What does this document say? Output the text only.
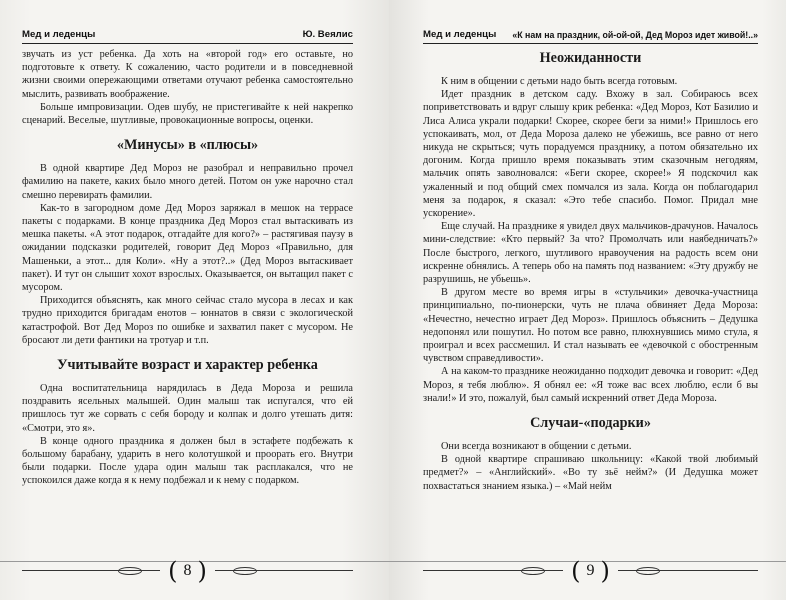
Мед и леденцы	Ю. Веялис

звучать из уст ребенка. Да хоть на «второй год» его оставьте, но подготовьте к ответу. К сожалению, часто родители и в повседневной жизни своими опережающими ответами отучают ребенка самостоятельно мыслить, развивать воображение.

Больше импровизации. Одев шубу, не пристегивайте к ней накрепко сценарий. Веселые, шутливые, провокационные вопросы, оценки.

«Минусы» в «плюсы»

В одной квартире Дед Мороз не разобрал и неправильно прочел фамилию на пакете, каких было много детей. Потом он уже нарочно стал смешно перевирать фамилии.

Как-то в загородном доме Дед Мороз заряжал в мешок на террасе пакеты с подарками. В конце праздника Дед Мороз стал вытаскивать из мешка пакеты. «А этот подарок, отгадайте для кого?» – растягивая паузу в ожидании подсказки родителей, говорит Дед Мороз «Правильно, для Машеньки, а этот... для Коли». «Ну а этот?..» (Дед Мороз вытаскивает пакет). И тут он слышит хохот взрослых. Оказывается, он вытащил пакет с мусором.

Приходится объяснять, как много сейчас стало мусора в лесах и как трудно приходится бригадам енотов – юннатов в связи с экологической катастрофой. Вот Дед Мороз по ошибке и захватил пакет с мусором. Не бросают ли дети фантики на тротуар и т.п.

Учитывайте возраст и характер ребенка

Одна воспитательница нарядилась в Деда Мороза и решила поздравить ясельных малышей. Один малыш так испугался, что ей пришлось тут же сорвать с себя бороду и колпак и долго утешать дитя: «Смотри, это я».

В конце одного праздника я должен был в эстафете подбежать к большому барабану, ударить в него колотушкой и проорать его. Внутри были подарки. После удара один малыш так расплакался, что не успокоился даже когда я к нему подбежал и к нему с подарком.

( 8 )
Мед и леденцы «К нам на праздник, ой-ой-ой, Дед Мороз идет живой!..»
Неожиданности

К ним в общении с детьми надо быть всегда готовым.

Идет праздник в детском саду. Вхожу в зал. Собираюсь всех поприветствовать и вдруг слышу крик ребенка: «Дед Мороз, Кот Базилио и Лиса Алиса украли подарки! Скорее, скорее беги за ними!» Пришлось его успокаивать, мол, от Деда Мороза далеко не убежишь, все равно от него никуда не скрыться; чуть порадуемся празднику, а потом обязательно их догоним. Когда пришло время показывать этим сказочным негодяям, мальчик опять заволновался: «Беги скорее, скорее!» Я подскочил как ужаленный и под общий смех помчался из зала. Когда он поблагодарил меня за подарок, я сказал: «Это тебе спасибо. Помог. Придал мне ускорение».

Еще случай. На празднике я увидел двух мальчиков-драчунов. Началось мини-следствие: «Кто первый? За что? Промолчать или наябедничать?» После быстрого, легкого, шутливого нравоучения на радость всем они искренне обнялись. А теперь обо на память под названием: «Эту дружбу не разрушишь, не убьешь».

В другом месте во время игры в «стульчики» девочка-участница принципиально, по-пионерски, чуть не плача обвиняет Деда Мороза: «Нечестно, нечестно играет Дед Мороз». Пришлось объяснить – Дедушка недопонял или пошутил. Но потом все равно, плюхнувшись мимо стула, я проиграл и всех рассмешил. И стал называть ее «девочкой с обостренным чувством справедливости».

А на каком-то празднике неожиданно подходит девочка и говорит: «Дед Мороз, я тебя люблю». Я обнял ее: «Я тоже вас всех люблю, если б вы знали!» И это, пожалуй, был самый искренний ответ Деда Мороза.

Случаи-«подарки»

Они всегда возникают в общении с детьми.

В одной квартире спрашиваю школьницу: «Какой твой любимый предмет?» – «Английский». «Во ту зьё нейм?» (И Дедушка может похвастаться знанием языка.) – «Май нейм

( 9 )
